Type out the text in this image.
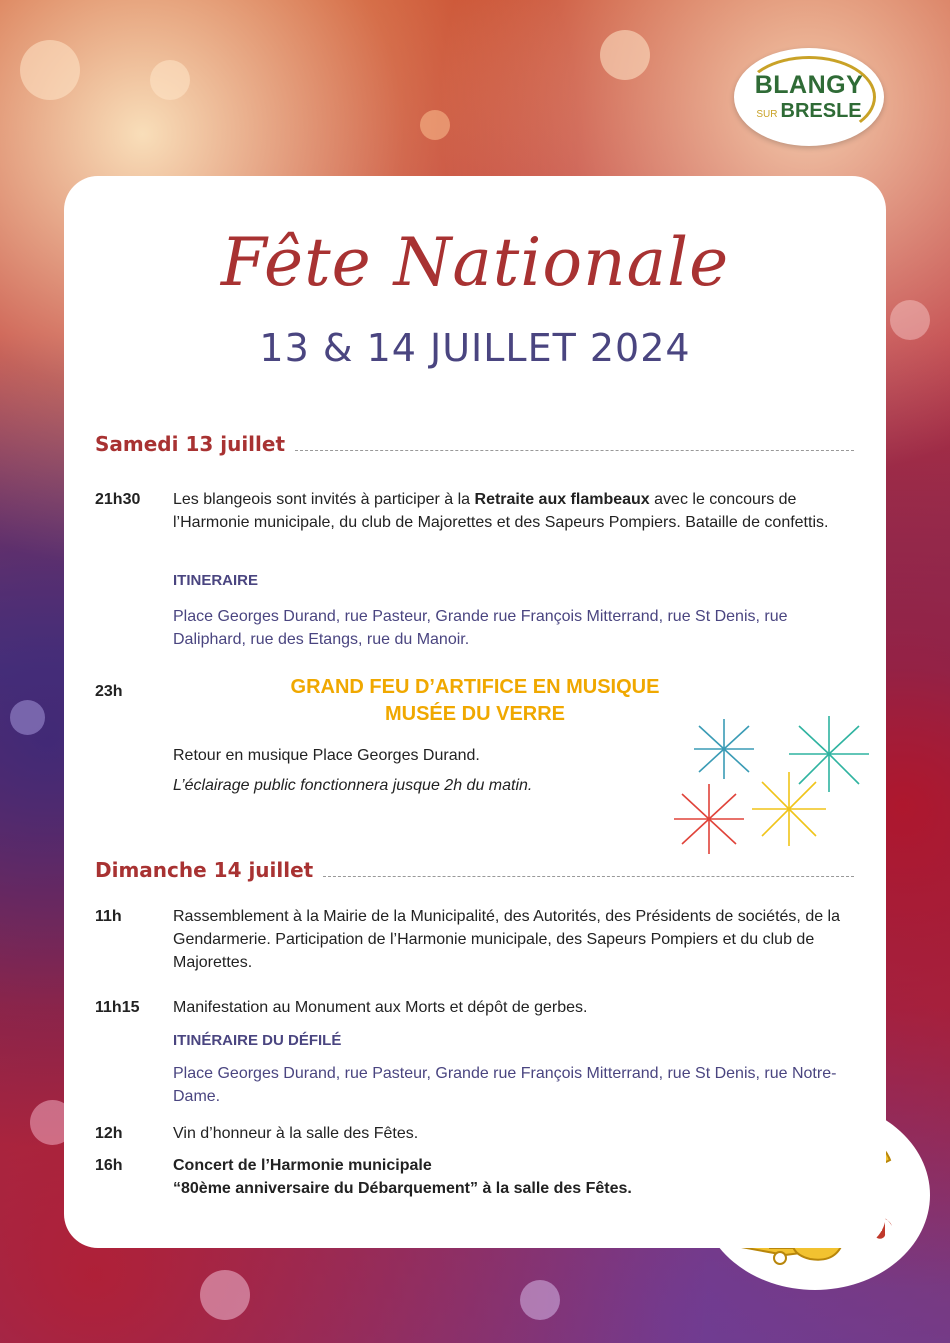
BLANGY
SUR BRESLE
Fête Nationale
13 & 14 JUILLET 2024
Samedi 13 juillet
21h30 Les blangeois sont invités à participer à la Retraite aux flambeaux avec le concours de l’Harmonie municipale, du club de Majorettes et des Sapeurs Pompiers. Bataille de confettis.
ITINERAIRE
Place Georges Durand, rue Pasteur, Grande rue François Mitterrand, rue St Denis, rue Daliphard, rue des Etangs, rue du Manoir.
23h	GRAND FEU D’ARTIFICE EN MUSIQUE
MUSÉE DU VERRE
Retour en musique Place Georges Durand.
L’éclairage public fonctionnera jusque 2h du matin.
Dimanche 14 juillet
11h	Rassemblement à la Mairie de la Municipalité, des Autorités, des Présidents de sociétés, de la Gendarmerie. Participation de l’Harmonie municipale, des Sapeurs Pompiers et du club de Majorettes.
11h15 Manifestation au Monument aux Morts et dépôt de gerbes.
ITINÉRAIRE DU DÉFILÉ
Place Georges Durand, rue Pasteur, Grande rue François Mitterrand, rue St Denis, rue Notre-Dame.
12h	Vin d’honneur à la salle des Fêtes.
16h	Concert de l’Harmonie municipale
“80ème anniversaire du Débarquement” à la salle des Fêtes.
